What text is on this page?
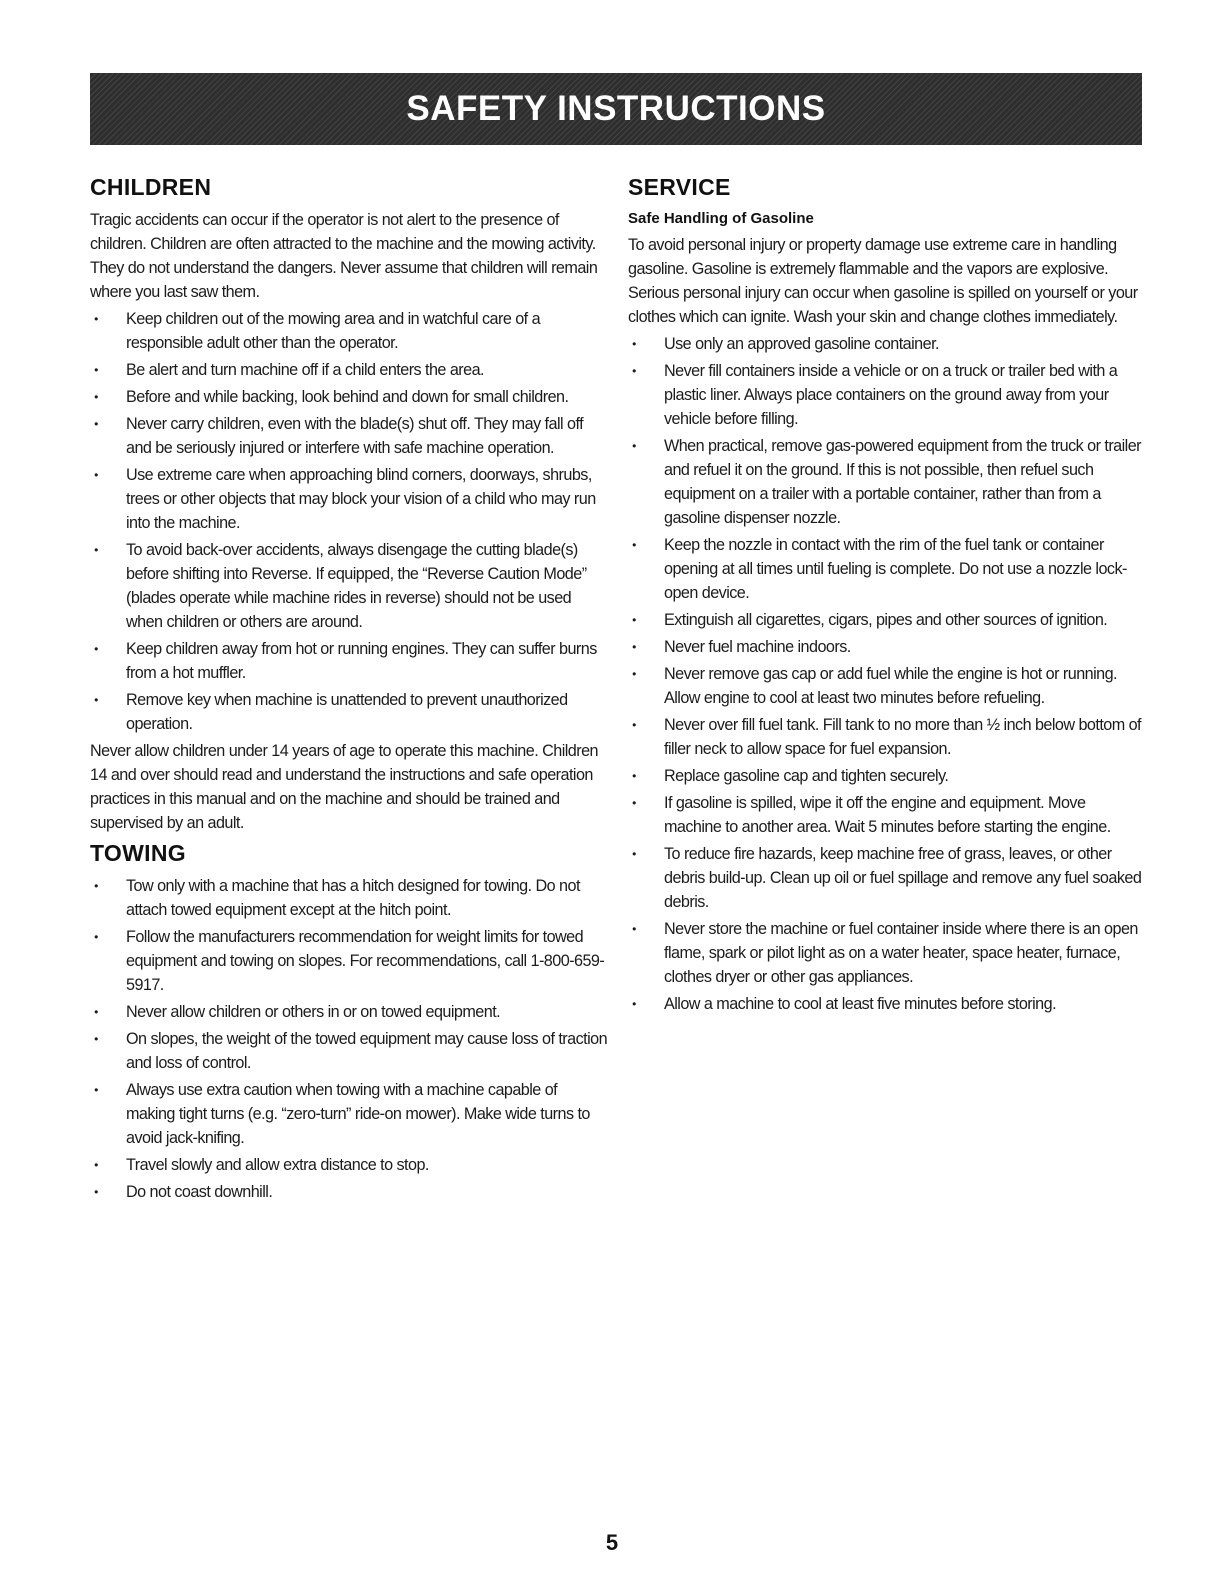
SAFETY INSTRUCTIONS
CHILDREN

Tragic accidents can occur if the operator is not alert to the presence of children. Children are often attracted to the machine and the mowing activity. They do not understand the dangers. Never assume that children will remain where you last saw them.

• Keep children out of the mowing area and in watchful care of a responsible adult other than the operator.
• Be alert and turn machine off if a child enters the area.
• Before and while backing, look behind and down for small children.
• Never carry children, even with the blade(s) shut off. They may fall off and be seriously injured or interfere with safe machine operation.
• Use extreme care when approaching blind corners, doorways, shrubs, trees or other objects that may block your vision of a child who may run into the machine.
• To avoid back-over accidents, always disengage the cutting blade(s) before shifting into Reverse. If equipped, the “Reverse Caution Mode” (blades operate while machine rides in reverse) should not be used when children or others are around.
• Keep children away from hot or running engines. They can suffer burns from a hot muffler.
• Remove key when machine is unattended to prevent unauthorized operation.

Never allow children under 14 years of age to operate this machine. Children 14 and over should read and understand the instructions and safe operation practices in this manual and on the machine and should be trained and supervised by an adult.

TOWING
• Tow only with a machine that has a hitch designed for towing. Do not attach towed equipment except at the hitch point.
• Follow the manufacturers recommendation for weight limits for towed equipment and towing on slopes. For recommendations, call 1-800-659-5917.
• Never allow children or others in or on towed equipment.
• On slopes, the weight of the towed equipment may cause loss of traction and loss of control.
• Always use extra caution when towing with a machine capable of making tight turns (e.g. “zero-turn” ride-on mower). Make wide turns to avoid jack-knifing.
• Travel slowly and allow extra distance to stop.
• Do not coast downhill.
SERVICE
Safe Handling of Gasoline

To avoid personal injury or property damage use extreme care in handling gasoline. Gasoline is extremely flammable and the vapors are explosive. Serious personal injury can occur when gasoline is spilled on yourself or your clothes which can ignite. Wash your skin and change clothes immediately.

• Use only an approved gasoline container.
• Never fill containers inside a vehicle or on a truck or trailer bed with a plastic liner. Always place containers on the ground away from your vehicle before filling.
• When practical, remove gas-powered equipment from the truck or trailer and refuel it on the ground. If this is not possible, then refuel such equipment on a trailer with a portable container, rather than from a gasoline dispenser nozzle.
• Keep the nozzle in contact with the rim of the fuel tank or container opening at all times until fueling is complete. Do not use a nozzle lock-open device.
• Extinguish all cigarettes, cigars, pipes and other sources of ignition.
• Never fuel machine indoors.
• Never remove gas cap or add fuel while the engine is hot or running. Allow engine to cool at least two minutes before refueling.
• Never over fill fuel tank. Fill tank to no more than ½ inch below bottom of filler neck to allow space for fuel expansion.
• Replace gasoline cap and tighten securely.
• If gasoline is spilled, wipe it off the engine and equipment. Move machine to another area. Wait 5 minutes before starting the engine.
• To reduce fire hazards, keep machine free of grass, leaves, or other debris build-up. Clean up oil or fuel spillage and remove any fuel soaked debris.
• Never store the machine or fuel container inside where there is an open flame, spark or pilot light as on a water heater, space heater, furnace, clothes dryer or other gas appliances.
• Allow a machine to cool at least five minutes before storing.
5
